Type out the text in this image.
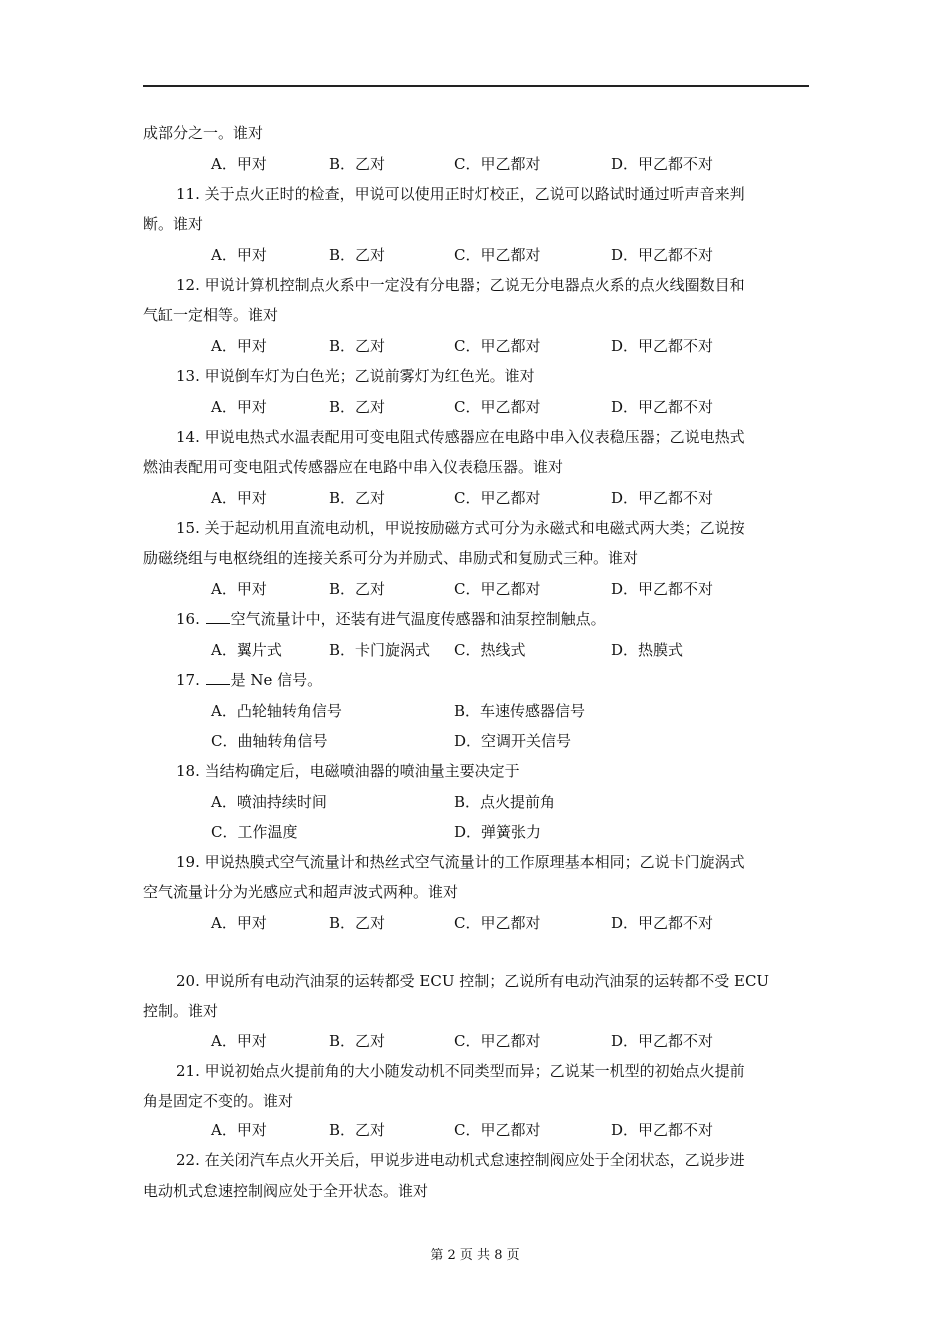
成部分之一。谁对
A．甲对	B．乙对	C．甲乙都对	D．甲乙都不对
11. 关于点火正时的检查，甲说可以使用正时灯校正，乙说可以路试时通过听声音来判
断。谁对
A．甲对	B．乙对	C．甲乙都对	D．甲乙都不对
12. 甲说计算机控制点火系中一定没有分电器；乙说无分电器点火系的点火线圈数目和
气缸一定相等。谁对
A．甲对	B．乙对	C．甲乙都对	D．甲乙都不对
13. 甲说倒车灯为白色光；乙说前雾灯为红色光。谁对
A．甲对	B．乙对	C．甲乙都对	D．甲乙都不对
14. 甲说电热式水温表配用可变电阻式传感器应在电路中串入仪表稳压器；乙说电热式
燃油表配用可变电阻式传感器应在电路中串入仪表稳压器。谁对
A．甲对	B．乙对	C．甲乙都对	D．甲乙都不对
15. 关于起动机用直流电动机，甲说按励磁方式可分为永磁式和电磁式两大类；乙说按
励磁绕组与电枢绕组的连接关系可分为并励式、串励式和复励式三种。谁对
A．甲对	B．乙对	C．甲乙都对	D．甲乙都不对
16. 空气流量计中，还装有进气温度传感器和油泵控制触点。
A．翼片式	B．卡门旋涡式 C．热线式	D．热膜式
17. 是 Ne 信号。
A．凸轮轴转角信号	B．车速传感器信号
C．曲轴转角信号	D．空调开关信号
18. 当结构确定后，电磁喷油器的喷油量主要决定于
A．喷油持续时间	B．点火提前角
C．工作温度	D．弹簧张力
19. 甲说热膜式空气流量计和热丝式空气流量计的工作原理基本相同；乙说卡门旋涡式
空气流量计分为光感应式和超声波式两种。谁对
A．甲对	B．乙对	C．甲乙都对	D．甲乙都不对
20. 甲说所有电动汽油泵的运转都受 ECU 控制；乙说所有电动汽油泵的运转都不受 ECU
控制。谁对
A．甲对	B．乙对	C．甲乙都对	D．甲乙都不对
21. 甲说初始点火提前角的大小随发动机不同类型而异；乙说某一机型的初始点火提前
角是固定不变的。谁对
A．甲对	B．乙对	C．甲乙都对	D．甲乙都不对
22. 在关闭汽车点火开关后，甲说步进电动机式怠速控制阀应处于全闭状态，乙说步进
电动机式怠速控制阀应处于全开状态。谁对
第 2 页 共 8 页
